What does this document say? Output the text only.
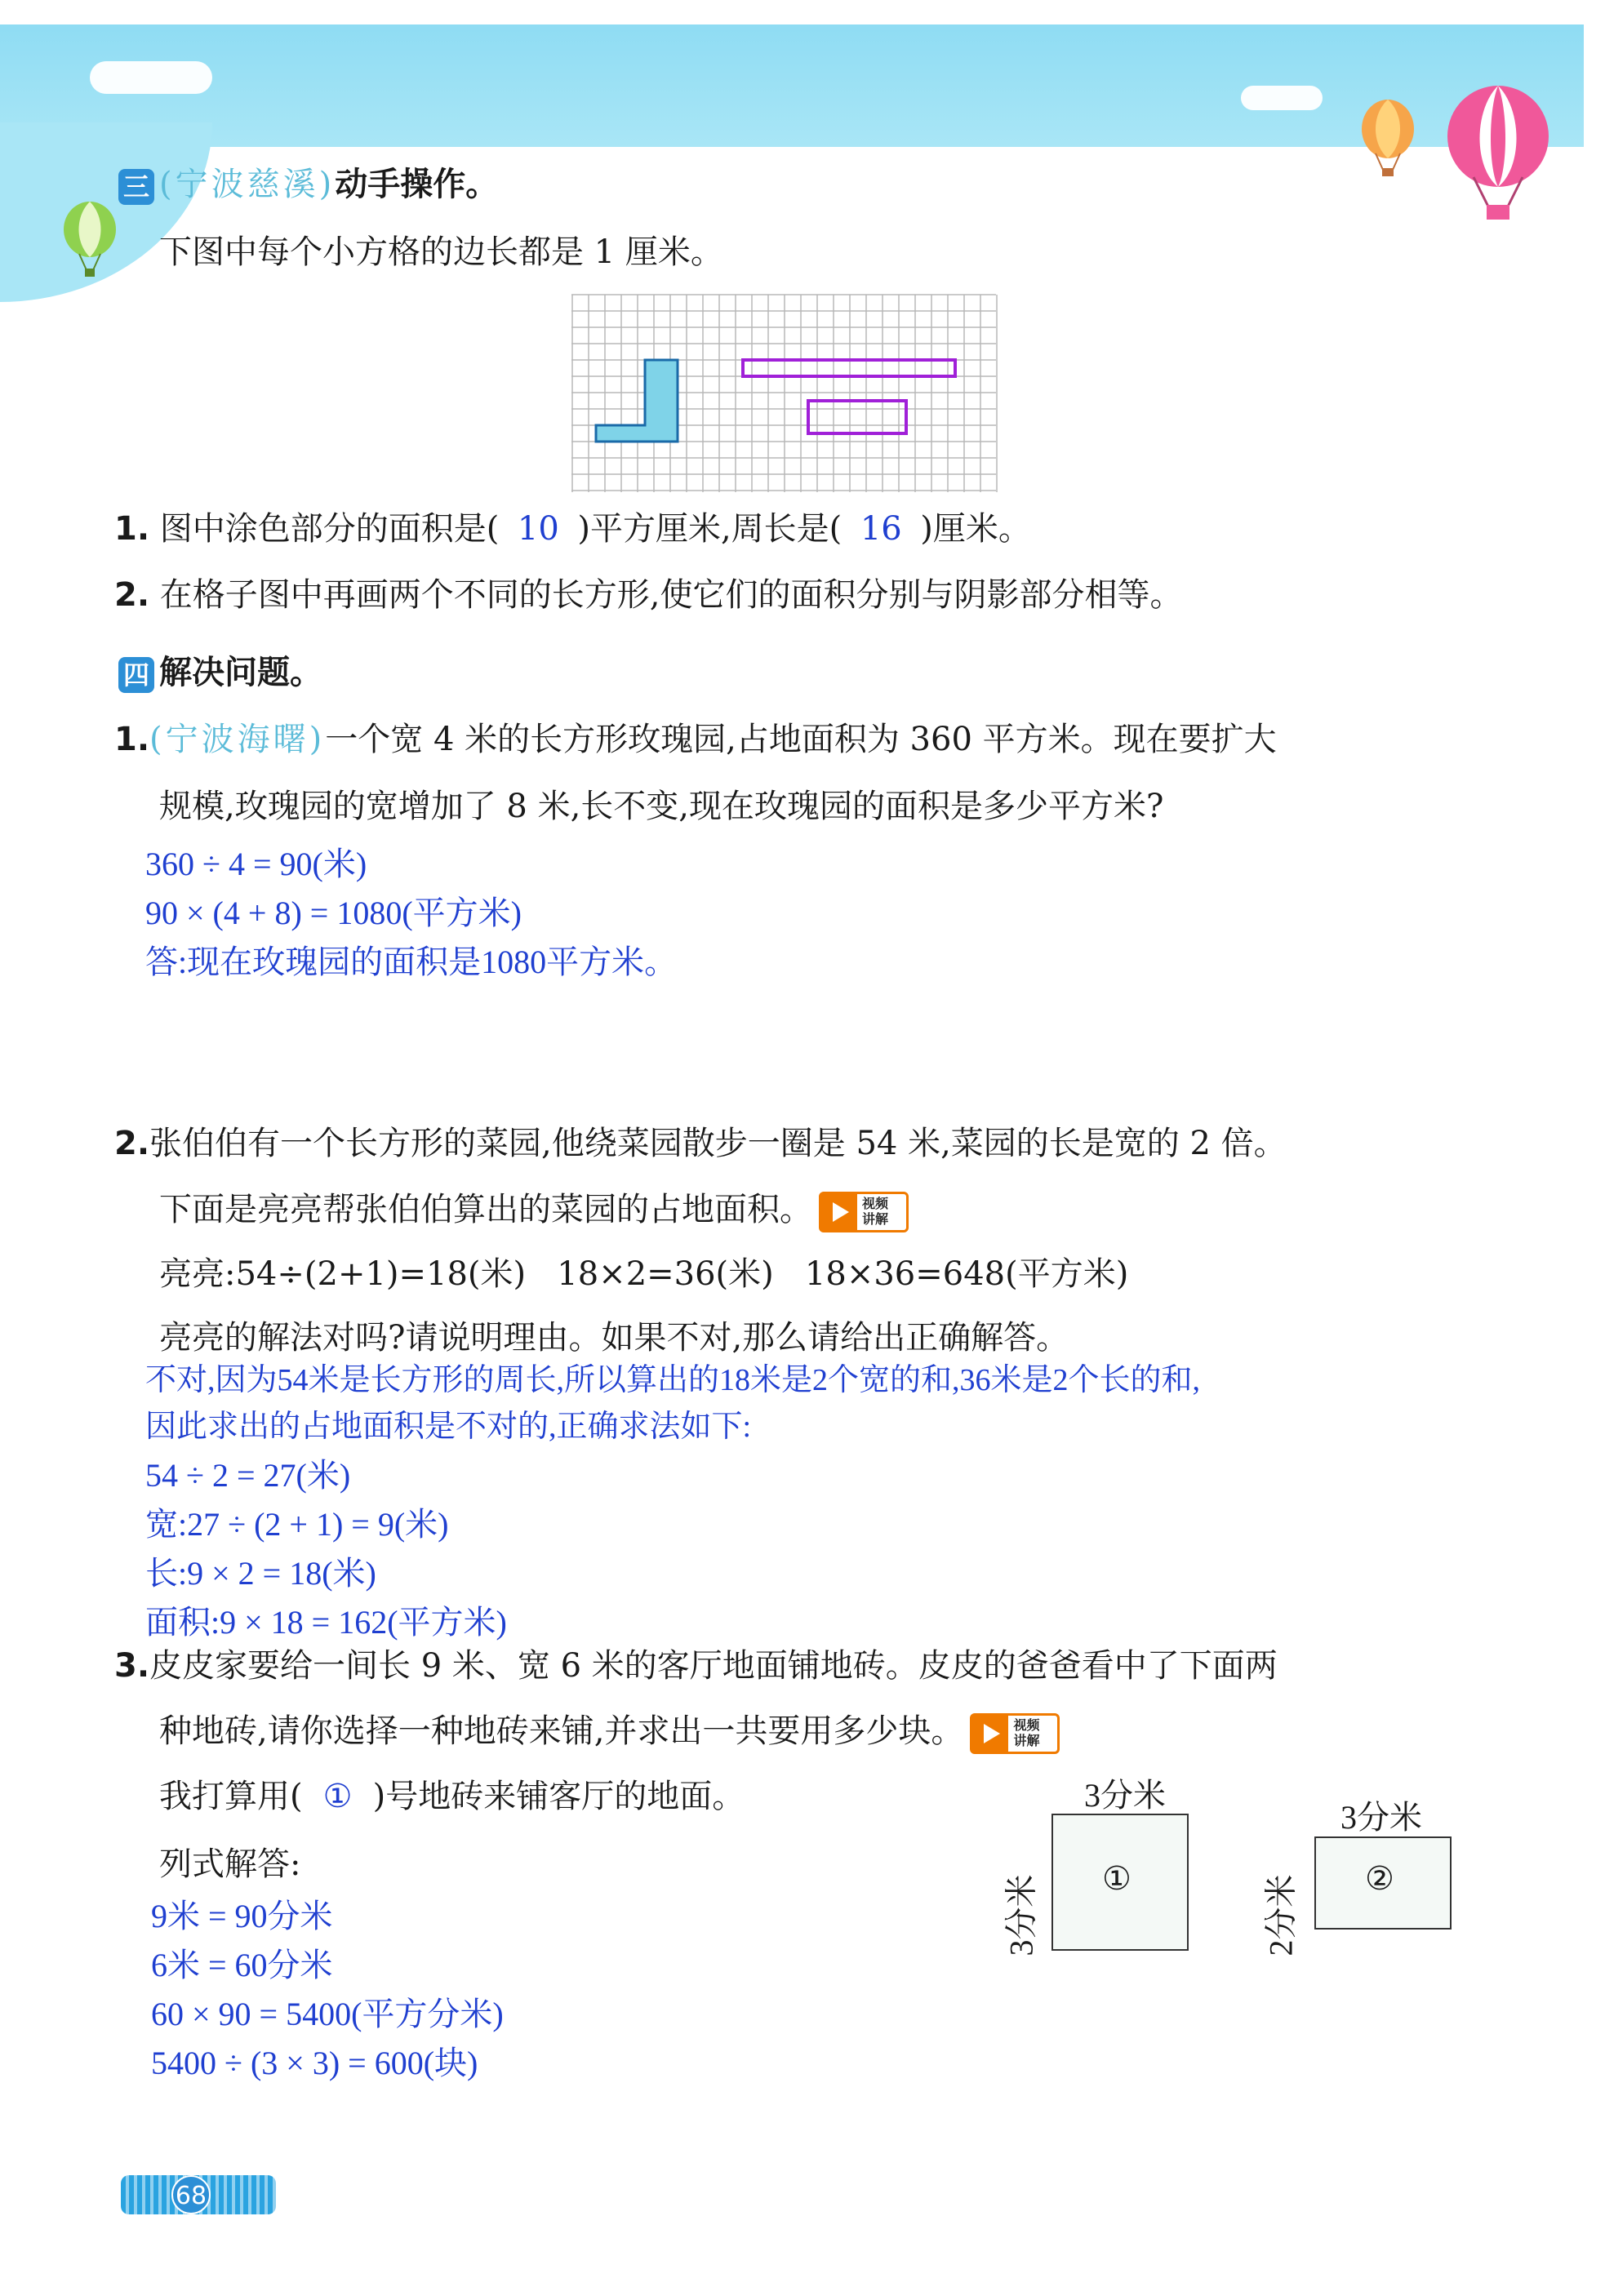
三 (宁波慈溪)动手操作。
下图中每个小方格的边长都是 1 厘米。
1. 图中涂色部分的面积是( 10 )平方厘米,周长是( 16 )厘米。
2. 在格子图中再画两个不同的长方形,使它们的面积分别与阴影部分相等。
四 解决问题。
1.(宁波海曙)一个宽 4 米的长方形玫瑰园,占地面积为 360 平方米。现在要扩大
规模,玫瑰园的宽增加了 8 米,长不变,现在玫瑰园的面积是多少平方米?
360 ÷ 4 = 90(米)
90 × (4 + 8) = 1080(平方米)
答:现在玫瑰园的面积是1080平方米。
2.张伯伯有一个长方形的菜园,他绕菜园散步一圈是 54 米,菜园的长是宽的 2 倍。
下面是亮亮帮张伯伯算出的菜园的占地面积。	视频
讲解
亮亮:54÷(2+1)=18(米)   18×2=36(米)   18×36=648(平方米)
亮亮的解法对吗?请说明理由。如果不对,那么请给出正确解答。
不对,因为54米是长方形的周长,所以算出的18米是2个宽的和,36米是2个长的和,
因此求出的占地面积是不对的,正确求法如下:
54 ÷ 2 = 27(米)
宽:27 ÷ (2 + 1) = 9(米)
长:9 × 2 = 18(米)
面积:9 × 18 = 162(平方米)
3.皮皮家要给一间长 9 米、宽 6 米的客厅地面铺地砖。皮皮的爸爸看中了下面两
种地砖,请你选择一种地砖来铺,并求出一共要用多少块。	视频
讲解
我打算用( ① )号地砖来铺客厅的地面。
列式解答:
9米 = 90分米
6米 = 60分米
60 × 90 = 5400(平方分米)
5400 ÷ (3 × 3) = 600(块)
3分米
3分米 ①
3分米
2分米 ②
68
